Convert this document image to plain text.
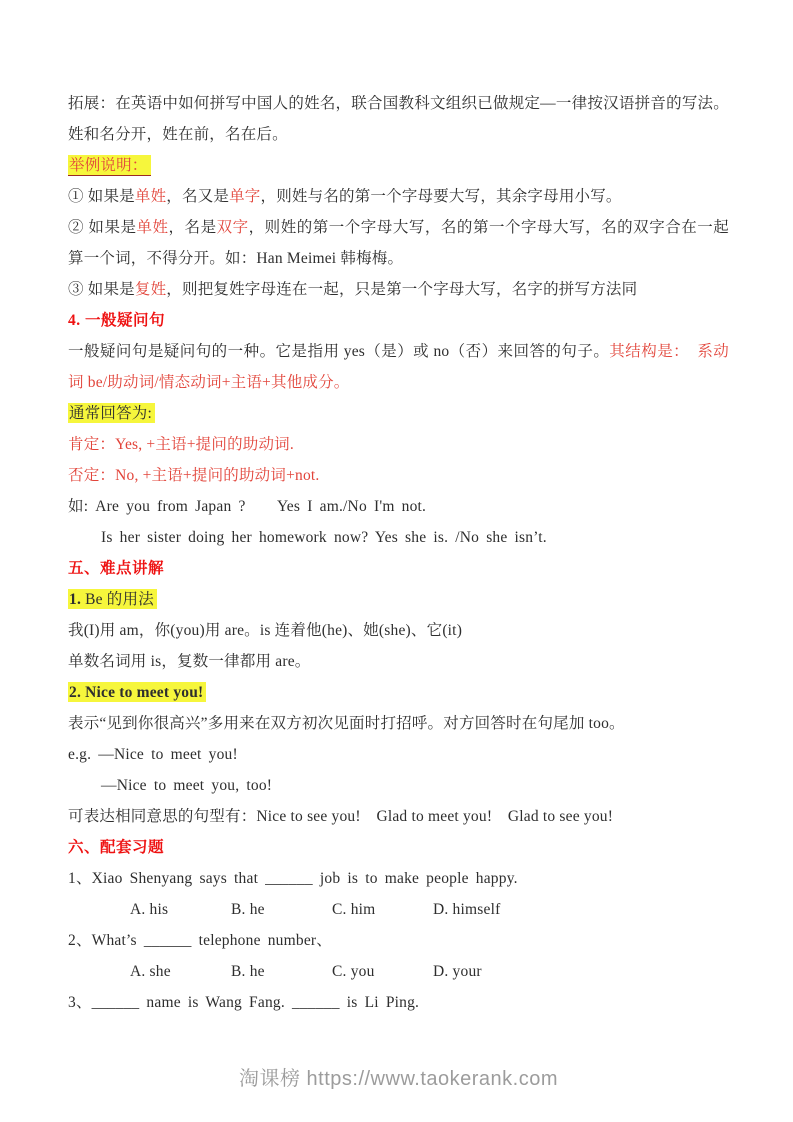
拓展：在英语中如何拼写中国人的姓名，联合国教科文组织已做规定—一律按汉语拼音的写法。姓和名分开，姓在前，名在后。

举例说明：

① 如果是单姓，名又是单字，则姓与名的第一个字母要大写，其余字母用小写。

② 如果是单姓，名是双字，则姓的第一个字母大写，名的第一个字母大写，名的双字合在一起算一个词，不得分开。如：Han Meimei 韩梅梅。

③ 如果是复姓，则把复姓字母连在一起，只是第一个字母大写，名字的拼写方法同

4. 一般疑问句

一般疑问句是疑问句的一种。它是指用 yes（是）或 no（否）来回答的句子。其结构是：　系动词 be/助动词/情态动词+主语+其他成分。

通常回答为:

肯定：Yes, +主语+提问的助动词.

否定：No, +主语+提问的助动词+not.

如: Are you from Japan ?　　Yes I am./No I'm not.

Is her sister doing her homework now? Yes she is. /No she isn’t.

五、难点讲解

1. Be 的用法

我(I)用 am，你(you)用 are。is 连着他(he)、她(she)、它(it)

单数名词用 is，复数一律都用 are。

2. Nice to meet you!

表示“见到你很高兴”多用来在双方初次见面时打招呼。对方回答时在句尾加 too。

e.g. —Nice to meet you!

—Nice to meet you, too!

可表达相同意思的句型有：Nice to see you!　Glad to meet you!　Glad to see you!

六、配套习题

1、Xiao Shenyang says that ______ job is to make people happy.

A. his	B. he	C. him	D. himself

2、What’s ______ telephone number、

A. she	B. he	C. you	D. your

3、______ name is Wang Fang. ______ is Li Ping.

淘课榜 https://www.taokerank.com
